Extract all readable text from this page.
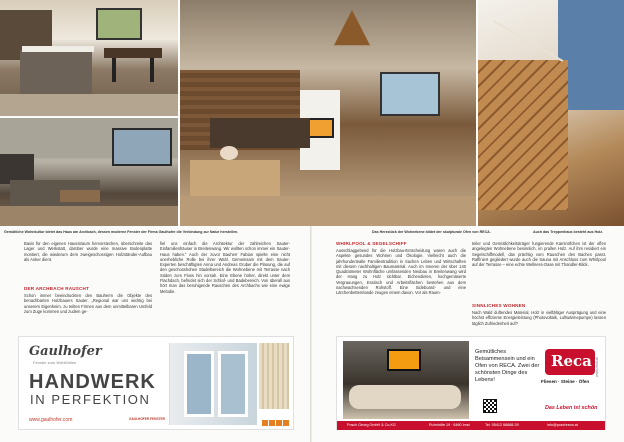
Gemütliche Wohnkultur bietet das Haus am Archbach, dessen moderne Fenster der Firma Gaulhofer die Verbindung zur Natur herstellen.
Basis für den eigenen Hausstraum hervorstechen, überschreite das Lager und Werkstatt, darüber wurde eine massive Bodenplatte montiert, die wiederum dem zweigeschossigen Holzständer-Aufbau als Anker dient.
DER ARCHBACH RAUSCHT
Schon immer beeindruckten den Bauherrn die Objekte des benachbarten Holzbauers Sauter. „Regional war uns wichtig bei unserem Eigenheim, zu teilten Firmen aus dem unmittelbaren Umfeld zum Zuge kommen und zudem ge-
fiel uns einfach die Architektur der zahlreichen Sauter-Einfamilienhäuser in Breitenwang. Wir wollten schon immer ein Sauter-Haus haben.“ Auch der zuvor Bauherr Fabian spielte eine nicht unerhebliche Rolle bei ihrer Wahl. Gemeinsam mit dem Sauter-Experten beschäftigten Anna und Andreas Gruber die Planung, die auf den geschosshohen Stadelbereich die Wohnebene mit Terrasse nach Süden zum Fluss hin vorsah. Eine Ebene höher, direkt unter dem Flachdach, befindet sich der Schlaf- und Badebereich. Von überall aus hört man das beruhigende Rauschen des Archbachs wie eine ewige Melodie.
Gaulhofer
Fenster zum Wohlfühlen
HANDWERK
IN PERFEKTION
www.gaulhofer.com	GAULHOFER FENSTER
Das Herzstück der Wohnebene bildet der skulpturale Ofen von RECA.	Auch das Treppenhaus besteht aus Holz.
WHIRLPOOL & SEGELSCHIFF
Ausschlaggebend für die Holzbau-Entscheidung waren auch die Aspekte gesundes Wohnen und Ökologie. Vielleicht auch die jahrhundertealte Familientradition in Sachen Leben und Wirtschaften mit diesem nachhaltigen Baumaterial. Auch im Inneren der über 140 Quadratmeter Wohnfläche umfassenden Neubau in Breitenwang wird der Hang zu Holz sichtbar. Eichendielen, hochgemäserte Vergrauungen, Esstisch und Arbeitsflächen bestehen aus dem nachwachsenden Rohstoff. Eine Sideboard- und eine Lärchenbetterelande zeugen einem davon. Vor als Raum-
teiler und Gemütlichkeitsträger fungierende Kaminöfchen ist der offen angelegten Wohnebene besinnlich, im prallen Holz. Auf ihm residiert ein Segelschiffmodell, das prächtig vom Rauschen des Baches passt. Raffiniert gegliedert wurde auch die Sauna mit Anschluss zum Whirlpool auf der Terrasse – eine echte Wellness-Oase mit Thandler-Blick.
SINNLICHES WOHNEN
Nach Wald duftendes Material, Holz in vielfältiger Ausprägung und eine höchst effiziente Energieleistung (Photovoltaik, Luftwärmepumpe) lassen täglich Zufriedenheit auf?
Gemütliches Beisammensein und ein Ofen von RECA. Zwei der schönsten Dinge des Lebens!
Reca
Fliesen · Steine · Öfen
Das Leben ist schön
www.reca.at
Posch Georg GmbH & Co.KG	Ruhnhöfe 19 · 6460 Imst	Tel. 05412 66888-39	info@poschreca.at
